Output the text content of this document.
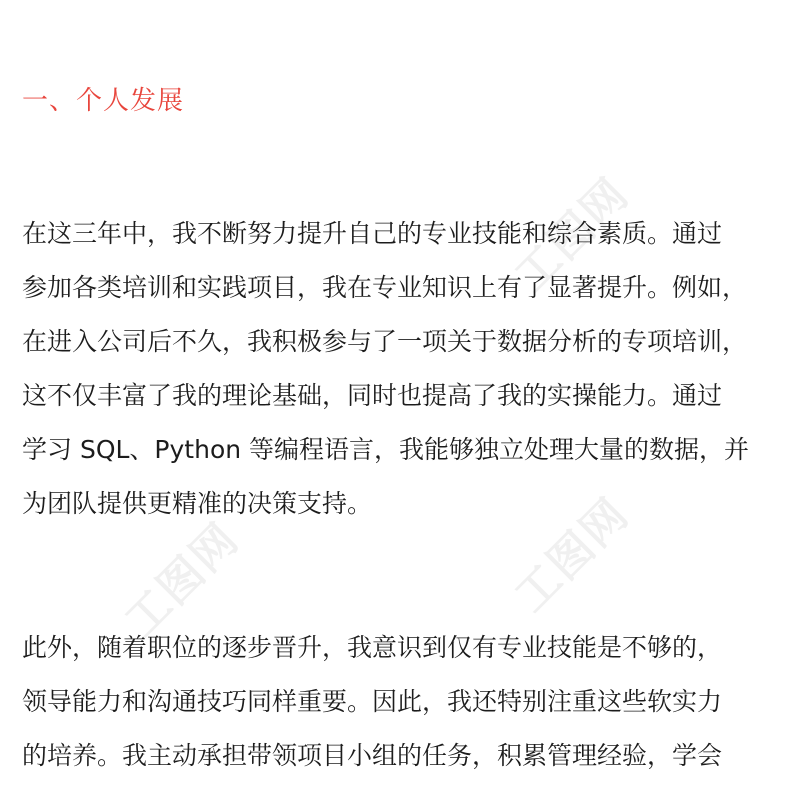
工图网
工图网	工图网
一、个人发展

在这三年中，我不断努力提升自己的专业技能和综合素质。通过

参加各类培训和实践项目，我在专业知识上有了显著提升。例如，

在进入公司后不久，我积极参与了一项关于数据分析的专项培训，

这不仅丰富了我的理论基础，同时也提高了我的实操能力。通过

学习 SQL、Python 等编程语言，我能够独立处理大量的数据，并

为团队提供更精准的决策支持。

此外，随着职位的逐步晋升，我意识到仅有专业技能是不够的，

领导能力和沟通技巧同样重要。因此，我还特别注重这些软实力

的培养。我主动承担带领项目小组的任务，积累管理经验，学会
